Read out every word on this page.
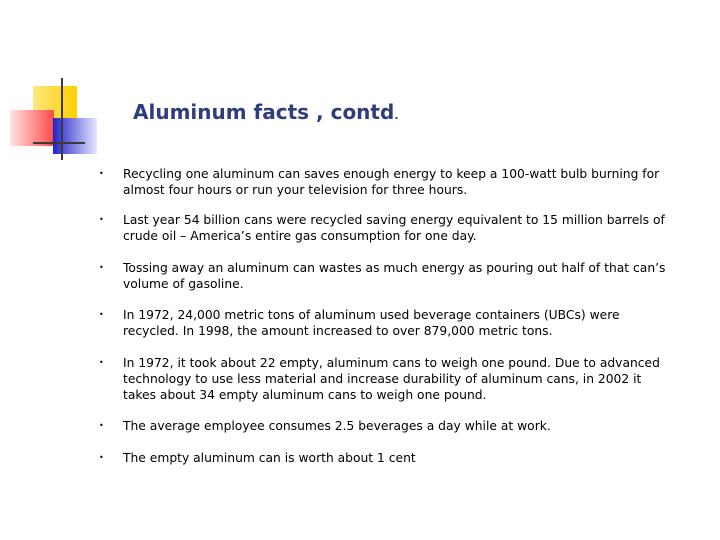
Aluminum facts , contd.
• Recycling one aluminum can saves enough energy to keep a 100-watt bulb burning for almost four hours or run your television for three hours.
• Last year 54 billion cans were recycled saving energy equivalent to 15 million barrels of crude oil – America’s entire gas consumption for one day.
• Tossing away an aluminum can wastes as much energy as pouring out half of that can’s volume of gasoline.
• In 1972, 24,000 metric tons of aluminum used beverage containers (UBCs) were recycled. In 1998, the amount increased to over 879,000 metric tons.
• In 1972, it took about 22 empty, aluminum cans to weigh one pound. Due to advanced technology to use less material and increase durability of aluminum cans, in 2002 it takes about 34 empty aluminum cans to weigh one pound.
• The average employee consumes 2.5 beverages a day while at work.
• The empty aluminum can is worth about 1 cent
